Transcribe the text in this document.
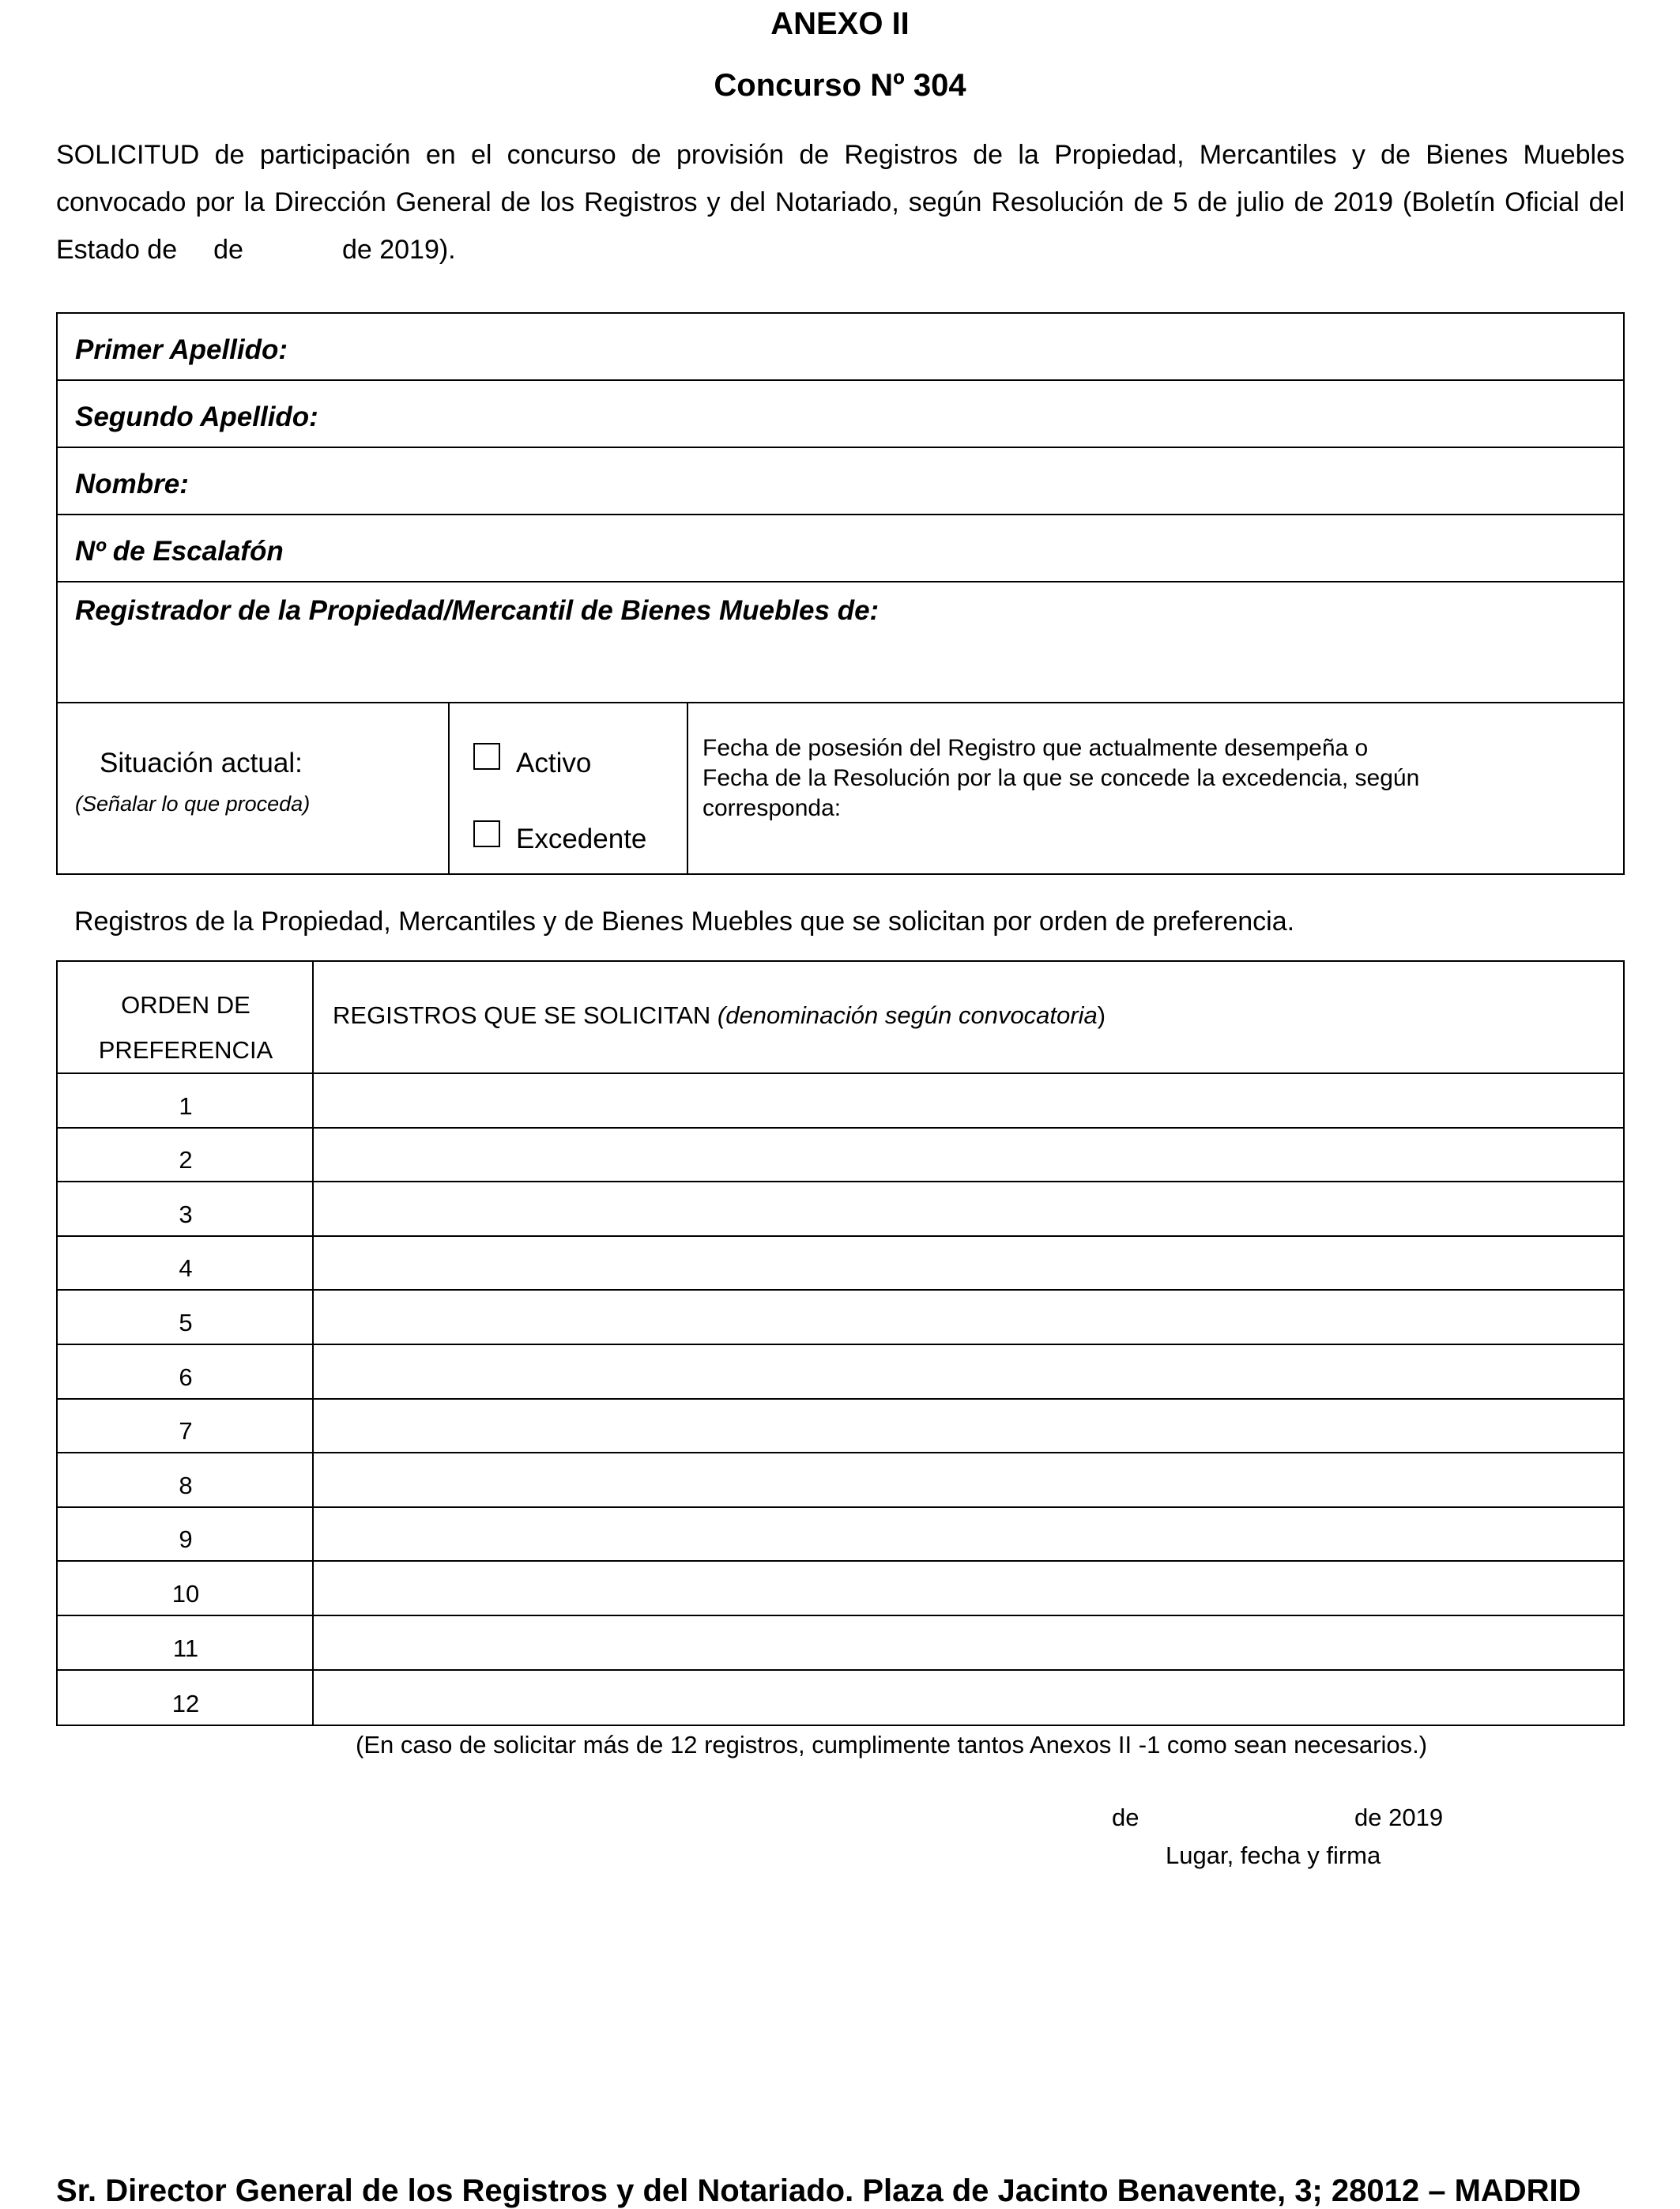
ANEXO II
Concurso Nº 304
SOLICITUD de participación en el concurso de provisión de Registros de la Propiedad, Mercantiles y de Bienes Muebles convocado por la Dirección General de los Registros y del Notariado, según Resolución de 5 de julio de 2019 (Boletín Oficial del Estado de de	de 2019).
Primer Apellido:
Segundo Apellido:
Nombre:
Nº de Escalafón
Registrador de la Propiedad/Mercantil de Bienes Muebles de:
Situación actual:
(Señalar lo que proceda)
Activo
Excedente
Fecha de posesión del Registro que actualmente desempeña o
Fecha de la Resolución por la que se concede la excedencia, según
corresponda:
Registros de la Propiedad, Mercantiles y de Bienes Muebles que se solicitan por orden de preferencia.
ORDEN DE
PREFERENCIA
REGISTROS QUE SE SOLICITAN (denominación según convocatoria)
1
2
3
4
5
6
7
8
9
10
11
12
(En caso de solicitar más de 12 registros, cumplimente tantos Anexos II -1 como sean necesarios.)
de	de 2019
Lugar, fecha y firma
Sr. Director General de los Registros y del Notariado. Plaza de Jacinto Benavente, 3; 28012 – MADRID
